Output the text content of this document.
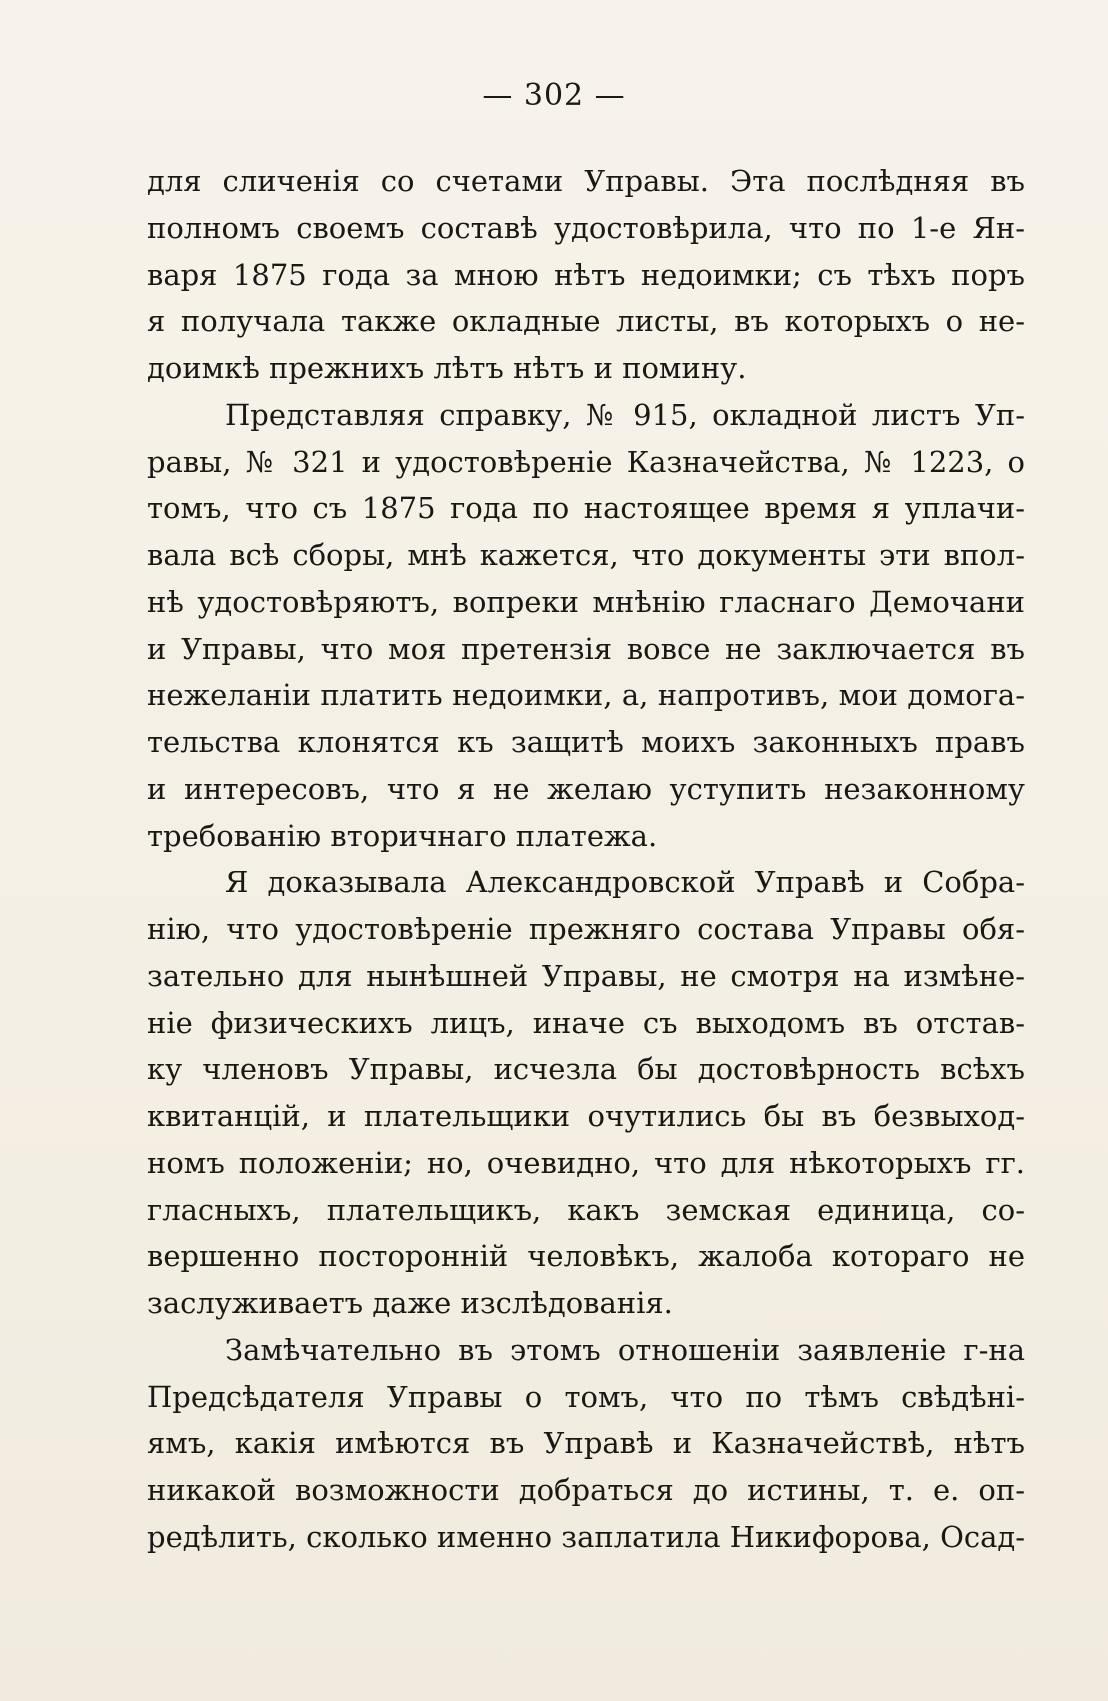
— 302 —
для сличенія со счетами Управы. Эта послѣдняя въ
полномъ своемъ составѣ удостовѣрила, что по 1-е Ян-
варя 1875 года за мною нѣтъ недоимки; съ тѣхъ поръ
я получала также окладные листы, въ которыхъ о не-
доимкѣ прежнихъ лѣтъ нѣтъ и помину.
Представляя справку, № 915, окладной листъ Уп-
равы, № 321 и удостовѣреніе Казначейства, № 1223, о
томъ, что съ 1875 года по настоящее время я уплачи-
вала всѣ сборы, мнѣ кажется, что документы эти впол-
нѣ удостовѣряютъ, вопреки мнѣнію гласнаго Демочани
и Управы, что моя претензія вовсе не заключается въ
нежеланіи платить недоимки, а, напротивъ, мои домога-
тельства клонятся къ защитѣ моихъ законныхъ правъ
и интересовъ, что я не желаю уступить незаконному
требованію вторичнаго платежа.
Я доказывала Александровской Управѣ и Собра-
нію, что удостовѣреніе прежняго состава Управы обя-
зательно для нынѣшней Управы, не смотря на измѣне-
ніе физическихъ лицъ, иначе съ выходомъ въ отстав-
ку членовъ Управы, исчезла бы достовѣрность всѣхъ
квитанцій, и плательщики очутились бы въ безвыход-
номъ положеніи; но, очевидно, что для нѣкоторыхъ гг.
гласныхъ, плательщикъ, какъ земская единица, со-
вершенно посторонній человѣкъ, жалоба котораго не
заслуживаетъ даже изслѣдованія.
Замѣчательно въ этомъ отношеніи заявленіе г-на
Предсѣдателя Управы о томъ, что по тѣмъ свѣдѣні-
ямъ, какія имѣются въ Управѣ и Казначействѣ, нѣтъ
никакой возможности добраться до истины, т. е. оп-
редѣлить, сколько именно заплатила Никифорова, Осад-
